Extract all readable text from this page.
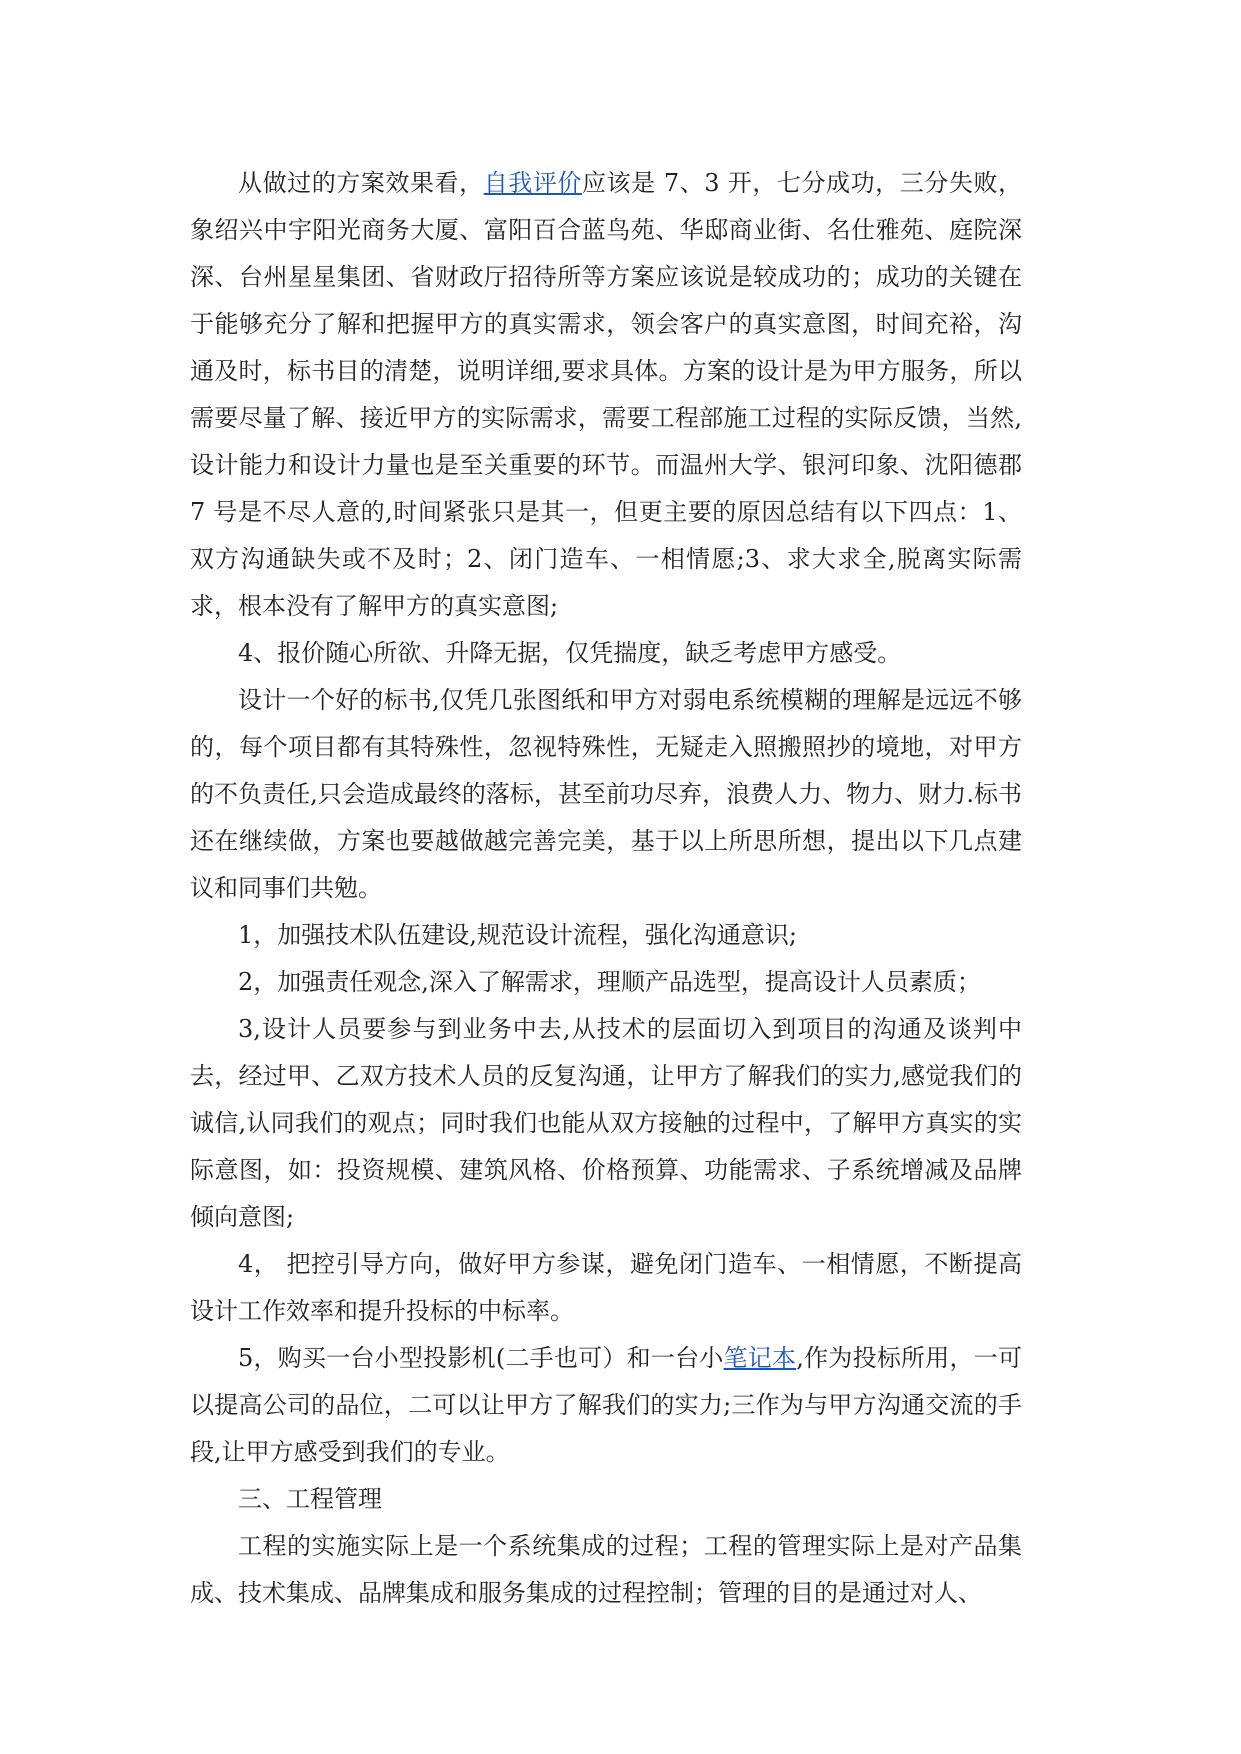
从做过的方案效果看，自我评价应该是 7、3 开，七分成功，三分失败，象绍兴中宇阳光商务大厦、富阳百合蓝鸟苑、华邸商业街、名仕雅苑、庭院深深、台州星星集团、省财政厅招待所等方案应该说是较成功的；成功的关键在于能够充分了解和把握甲方的真实需求，领会客户的真实意图，时间充裕，沟通及时，标书目的清楚，说明详细,要求具体。方案的设计是为甲方服务，所以需要尽量了解、接近甲方的实际需求，需要工程部施工过程的实际反馈，当然,设计能力和设计力量也是至关重要的环节。而温州大学、银河印象、沈阳德郡 7 号是不尽人意的,时间紧张只是其一，但更主要的原因总结有以下四点：1、双方沟通缺失或不及时；2、闭门造车、一相情愿;3、求大求全,脱离实际需求，根本没有了解甲方的真实意图;

4、报价随心所欲、升降无据，仅凭揣度，缺乏考虑甲方感受。

设计一个好的标书,仅凭几张图纸和甲方对弱电系统模糊的理解是远远不够的，每个项目都有其特殊性，忽视特殊性，无疑走入照搬照抄的境地，对甲方的不负责任,只会造成最终的落标，甚至前功尽弃，浪费人力、物力、财力.标书还在继续做，方案也要越做越完善完美，基于以上所思所想，提出以下几点建议和同事们共勉。

1，加强技术队伍建设,规范设计流程，强化沟通意识;

2，加强责任观念,深入了解需求，理顺产品选型，提高设计人员素质；

3,设计人员要参与到业务中去,从技术的层面切入到项目的沟通及谈判中去，经过甲、乙双方技术人员的反复沟通，让甲方了解我们的实力,感觉我们的诚信,认同我们的观点；同时我们也能从双方接触的过程中，了解甲方真实的实际意图，如：投资规模、建筑风格、价格预算、功能需求、子系统增减及品牌倾向意图;

4， 把控引导方向，做好甲方参谋，避免闭门造车、一相情愿，不断提高设计工作效率和提升投标的中标率。

5，购买一台小型投影机(二手也可）和一台小笔记本,作为投标所用，一可以提高公司的品位，二可以让甲方了解我们的实力;三作为与甲方沟通交流的手段,让甲方感受到我们的专业。

三、工程管理

工程的实施实际上是一个系统集成的过程；工程的管理实际上是对产品集成、技术集成、品牌集成和服务集成的过程控制；管理的目的是通过对人、
